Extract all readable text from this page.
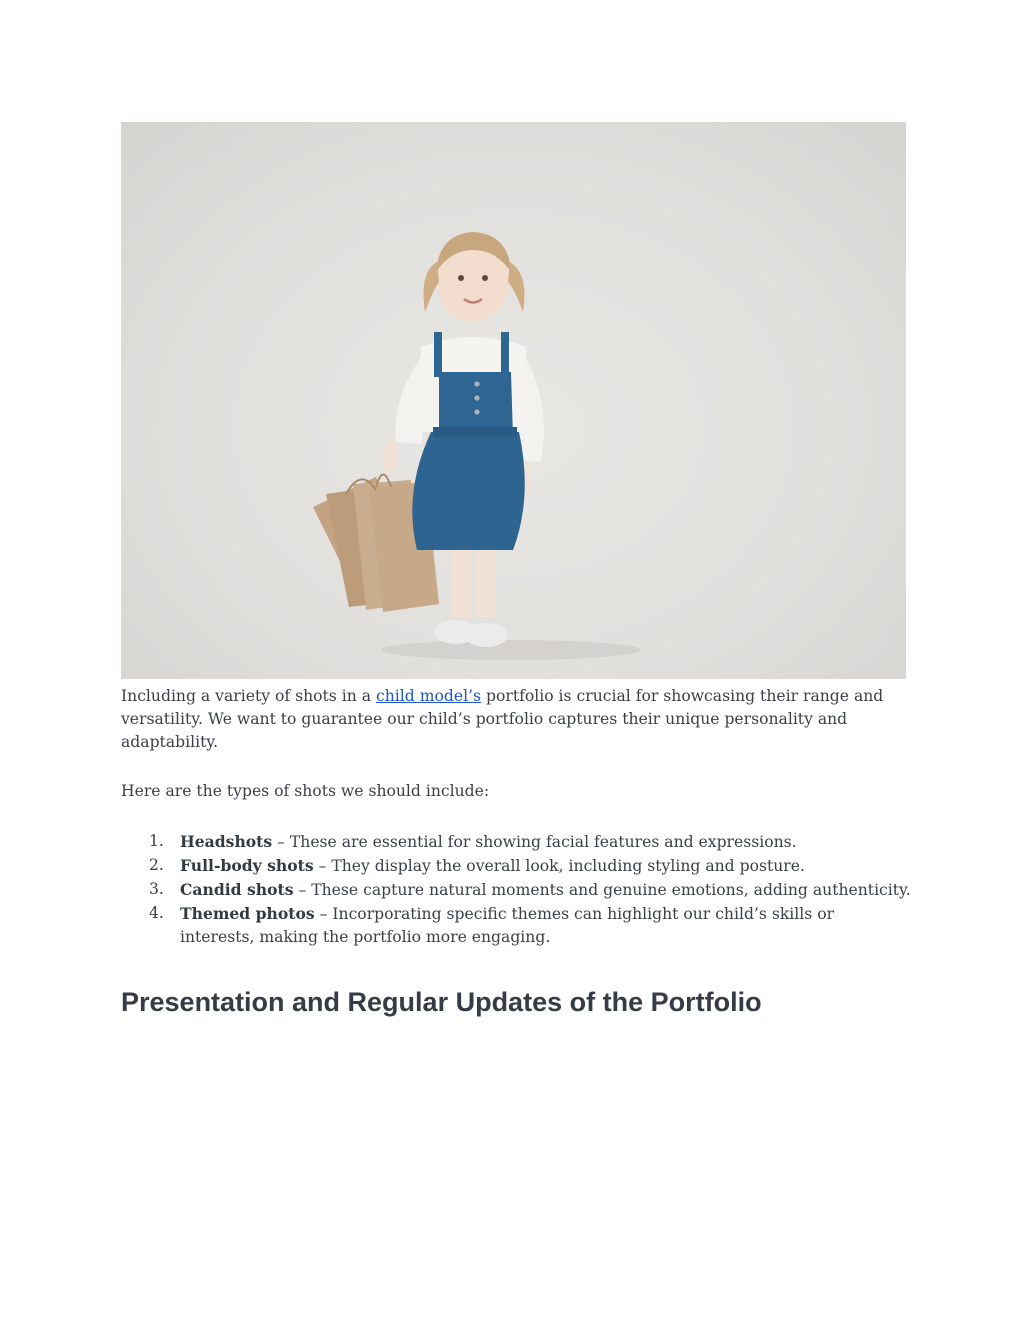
Including a variety of shots in a child model’s portfolio is crucial for showcasing their range and versatility. We want to guarantee our child’s portfolio captures their unique personality and adaptability.
Here are the types of shots we should include:
1.	Headshots – These are essential for showing facial features and expressions.
2.	Full-body shots – They display the overall look, including styling and posture.
3.	Candid shots – These capture natural moments and genuine emotions, adding authenticity.
4.	Themed photos – Incorporating specific themes can highlight our child’s skills or interests, making the portfolio more engaging.
Presentation and Regular Updates of the Portfolio
